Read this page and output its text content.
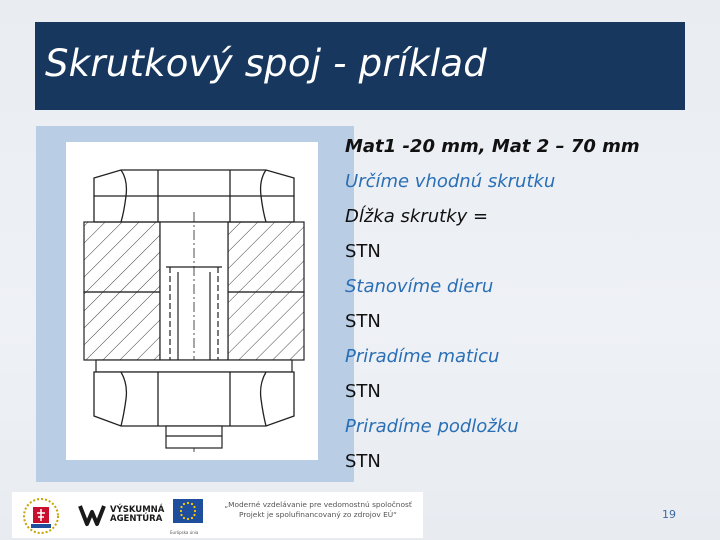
Skrutkový spoj - príklad
Mat1 -20 mm, Mat 2 – 70 mm
Určíme vhodnú skrutku
Dĺžka skrutky =
STN
Stanovíme dieru
STN
Priradíme maticu
STN
Priradíme podložku
STN
VÝSKUMNÁ
AGENTÚRA
Európska únia
„Moderné vzdelávanie pre vedomostnú spoločnosť
Projekt je spolufinancovaný zo zdrojov EÚ“	19
